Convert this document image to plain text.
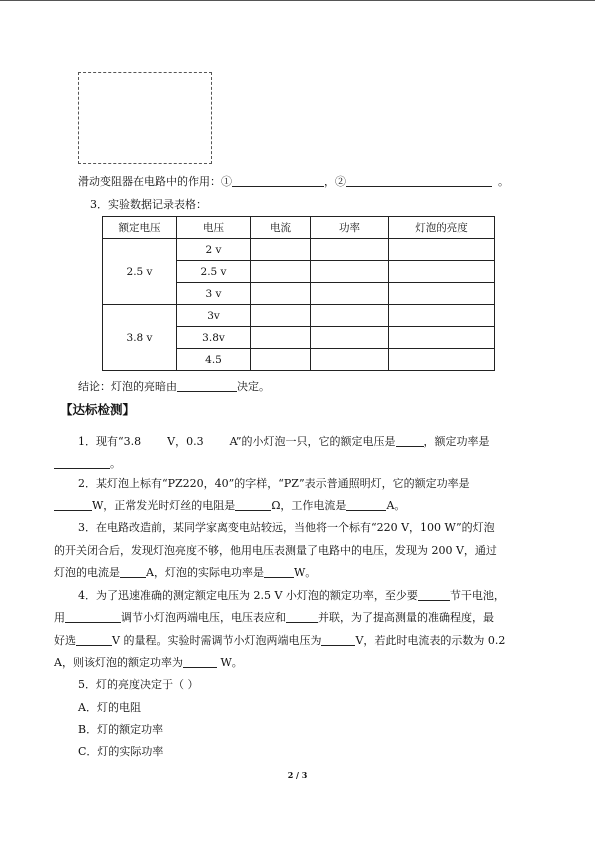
滑动变阻器在电路中的作用：①	，②	。
3．实验数据记录表格：
额定电压	电压	电流	功率	灯泡的亮度
2.5 v	2 v			
	2.5 v			
	3 v			
3.8 v	3v			
	3.8v			
	4.5			
结论：灯泡的亮暗由	决定。
【达标检测】
1．现有“3.8 V，0.3 A”的小灯泡一只，它的额定电压是	，额定功率是
。
2．某灯泡上标有“PZ220，40”的字样，“PZ”表示普通照明灯，它的额定功率是
W，正常发光时灯丝的电阻是	Ω，工作电流是	A。
3．在电路改造前，某同学家离变电站较远，当他将一个标有“220 V，100 W”的灯泡
的开关闭合后，发现灯泡亮度不够，他用电压表测量了电路中的电压，发现为 200 V，通过
灯泡的电流是 A，灯泡的实际电功率是	W。
4．为了迅速准确的测定额定电压为 2.5 V 小灯泡的额定功率，至少要	节干电池，
用	调节小灯泡两端电压，电压表应和	并联，为了提高测量的准确程度，最
好选	V 的量程。实验时需调节小灯泡两端电压为	V，若此时电流表的示数为 0.2
A，则该灯泡的额定功率为	W。
5．灯的亮度决定于（ ）
A．灯的电阻
B．灯的额定功率
C．灯的实际功率
2 / 3
